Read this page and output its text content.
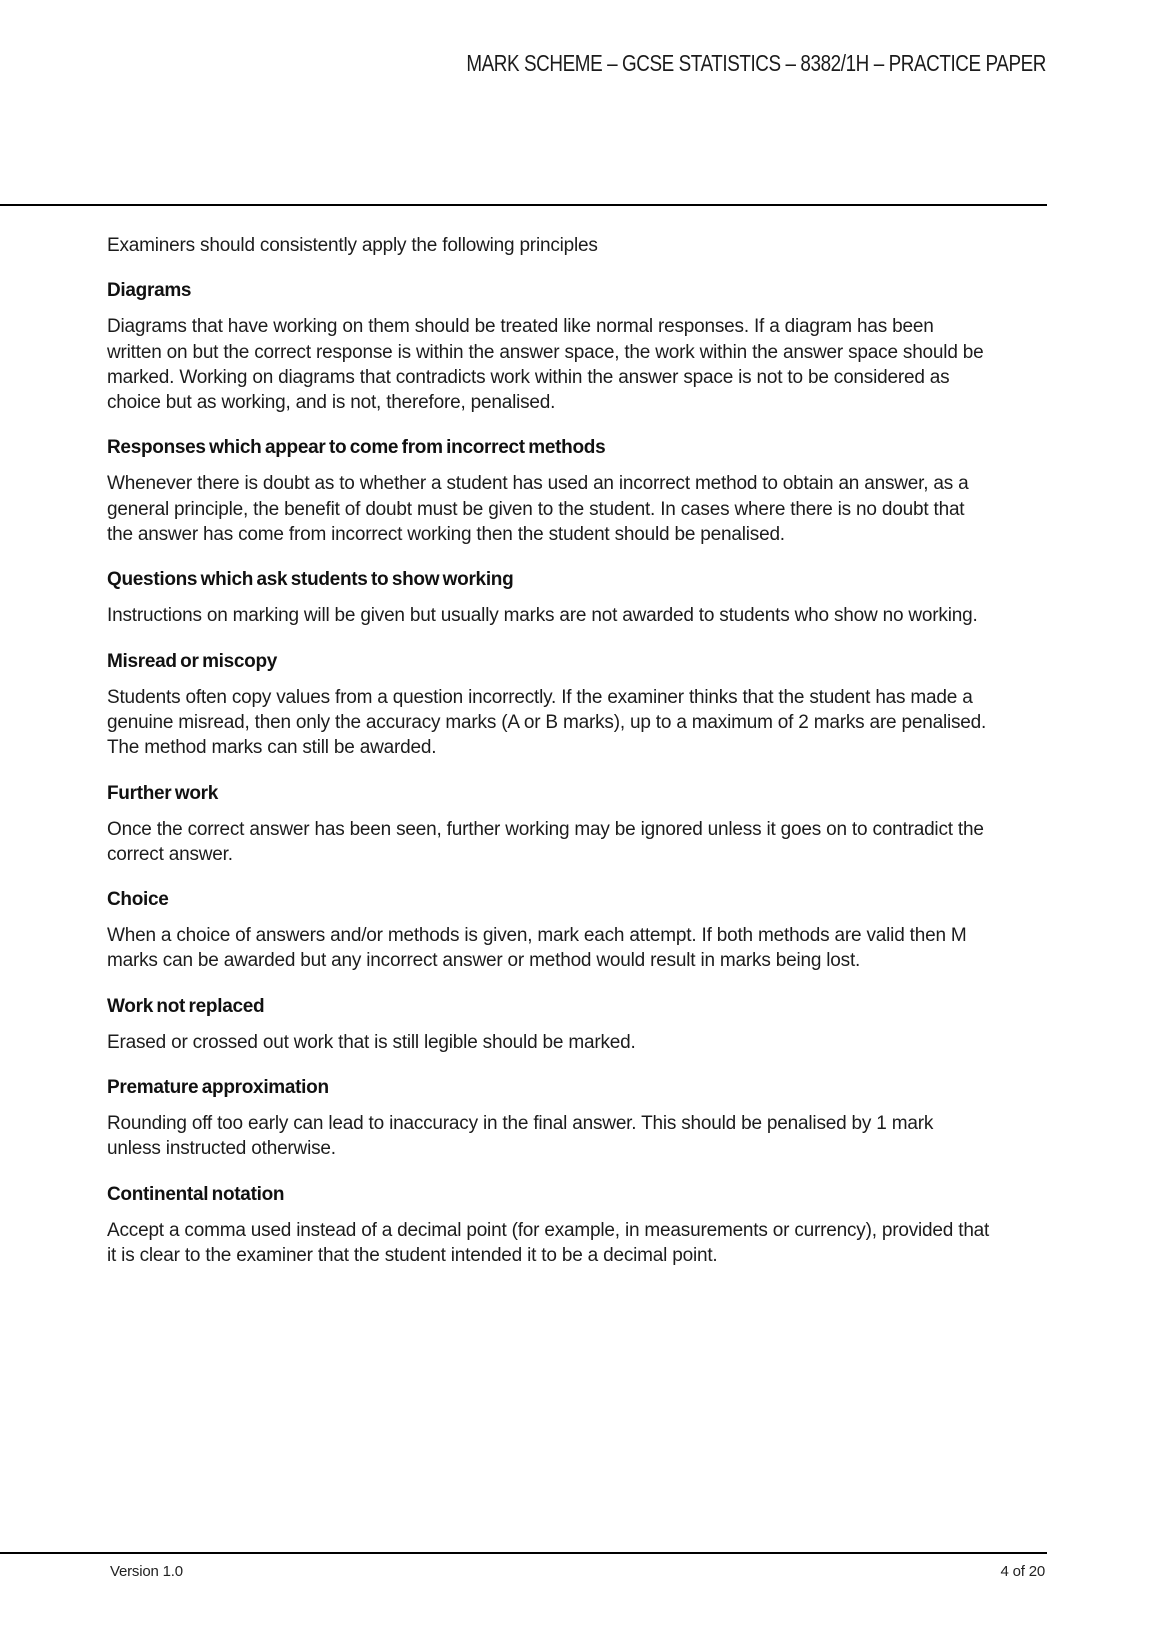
MARK SCHEME – GCSE STATISTICS – 8382/1H – PRACTICE PAPER

Examiners should consistently apply the following principles

Diagrams

Diagrams that have working on them should be treated like normal responses. If a diagram has been written on but the correct response is within the answer space, the work within the answer space should be marked. Working on diagrams that contradicts work within the answer space is not to be considered as choice but as working, and is not, therefore, penalised.

Responses which appear to come from incorrect methods

Whenever there is doubt as to whether a student has used an incorrect method to obtain an answer, as a general principle, the benefit of doubt must be given to the student. In cases where there is no doubt that the answer has come from incorrect working then the student should be penalised.

Questions which ask students to show working

Instructions on marking will be given but usually marks are not awarded to students who show no working.

Misread or miscopy

Students often copy values from a question incorrectly. If the examiner thinks that the student has made a genuine misread, then only the accuracy marks (A or B marks), up to a maximum of 2 marks are penalised. The method marks can still be awarded.

Further work

Once the correct answer has been seen, further working may be ignored unless it goes on to contradict the correct answer.

Choice

When a choice of answers and/or methods is given, mark each attempt. If both methods are valid then M marks can be awarded but any incorrect answer or method would result in marks being lost.

Work not replaced

Erased or crossed out work that is still legible should be marked.

Premature approximation

Rounding off too early can lead to inaccuracy in the final answer. This should be penalised by 1 mark unless instructed otherwise.

Continental notation

Accept a comma used instead of a decimal point (for example, in measurements or currency), provided that it is clear to the examiner that the student intended it to be a decimal point.

Version 1.0	4 of 20
